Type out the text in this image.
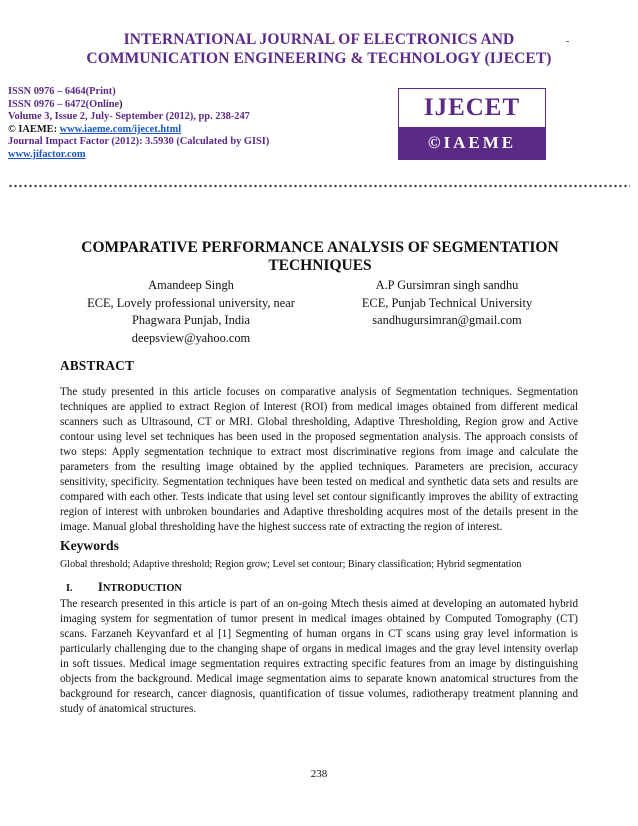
INTERNATIONAL JOURNAL OF ELECTRONICS AND
COMMUNICATION ENGINEERING & TECHNOLOGY (IJECET)
-
ISSN 0976 – 6464(Print)
ISSN 0976 – 6472(Online)
Volume 3, Issue 2, July- September (2012), pp. 238-247
© IAEME: www.iaeme.com/ijecet.html
Journal Impact Factor (2012): 3.5930 (Calculated by GISI)
www.jifactor.com
IJECET
©IAEME
COMPARATIVE PERFORMANCE ANALYSIS OF SEGMENTATION
TECHNIQUES
Amandeep Singh
ECE, Lovely professional university, near
Phagwara Punjab, India
deepsview@yahoo.com
A.P Gursimran singh sandhu
ECE, Punjab Technical University
sandhugursimran@gmail.com
ABSTRACT
The study presented in this article focuses on comparative analysis of Segmentation techniques. Segmentation techniques are applied to extract Region of Interest (ROI) from medical images obtained from different medical scanners such as Ultrasound, CT or MRI. Global thresholding, Adaptive Thresholding, Region grow and Active contour using level set techniques has been used in the proposed segmentation analysis. The approach consists of two steps: Apply segmentation technique to extract most discriminative regions from image and calculate the parameters from the resulting image obtained by the applied techniques. Parameters are precision, accuracy sensitivity, specificity. Segmentation techniques have been tested on medical and synthetic data sets and results are compared with each other. Tests indicate that using level set contour significantly improves the ability of extracting region of interest with unbroken boundaries and Adaptive thresholding acquires most of the details present in the image. Manual global thresholding have the highest success rate of extracting the region of interest.
Keywords
Global threshold; Adaptive threshold; Region grow; Level set contour; Binary classification; Hybrid segmentation
I. INTRODUCTION
The research presented in this article is part of an on-going Mtech thesis aimed at developing an automated hybrid imaging system for segmentation of tumor present in medical images obtained by Computed Tomography (CT) scans. Farzaneh Keyvanfard et al [1] Segmenting of human organs in CT scans using gray level information is particularly challenging due to the changing shape of organs in medical images and the gray level intensity overlap in soft tissues. Medical image segmentation requires extracting specific features from an image by distinguishing objects from the background. Medical image segmentation aims to separate known anatomical structures from the background for research, cancer diagnosis, quantification of tissue volumes, radiotherapy treatment planning and study of anatomical structures.
238
